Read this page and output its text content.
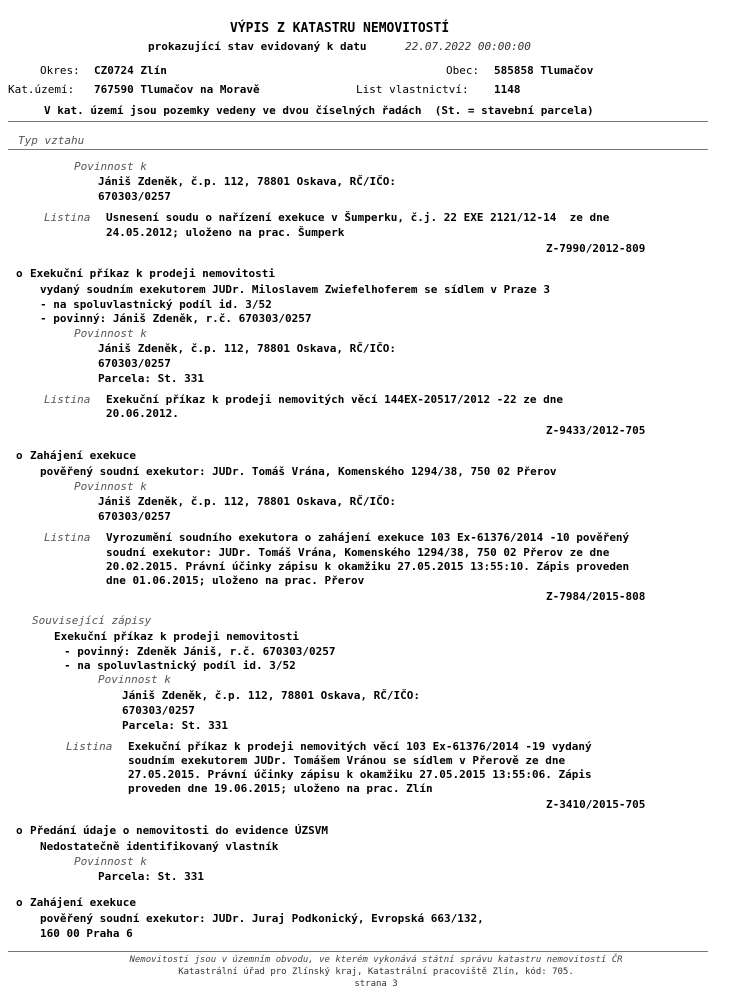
VÝPIS Z KATASTRU NEMOVITOSTÍ
prokazující stav evidovaný k datu	22.07.2022 00:00:00
Okres: CZ0724 Zlín	Obec: 585858 Tlumačov
Kat.území: 767590 Tlumačov na Moravě	List vlastnictví: 1148
V kat. území jsou pozemky vedeny ve dvou číselných řadách  (St. = stavební parcela)
Typ vztahu
Povinnost k
Jániš Zdeněk, č.p. 112, 78801 Oskava, RČ/IČO:
670303/0257
Listina Usnesení soudu o nařízení exekuce v Šumperku, č.j. 22 EXE 2121/12-14  ze dne
24.05.2012; uloženo na prac. Šumperk
Z-7990/2012-809
o Exekuční příkaz k prodeji nemovitosti
vydaný soudním exekutorem JUDr. Miloslavem Zwiefelhoferem se sídlem v Praze 3
- na spoluvlastnický podíl id. 3/52
- povinný: Jániš Zdeněk, r.č. 670303/0257
Povinnost k
Jániš Zdeněk, č.p. 112, 78801 Oskava, RČ/IČO:
670303/0257
Parcela: St. 331
Listina Exekuční příkaz k prodeji nemovitých věcí 144EX-20517/2012 -22 ze dne
20.06.2012.
Z-9433/2012-705
o Zahájení exekuce
pověřený soudní exekutor: JUDr. Tomáš Vrána, Komenského 1294/38, 750 02 Přerov
Povinnost k
Jániš Zdeněk, č.p. 112, 78801 Oskava, RČ/IČO:
670303/0257
Listina Vyrozumění soudního exekutora o zahájení exekuce 103 Ex-61376/2014 -10 pověřený
soudní exekutor: JUDr. Tomáš Vrána, Komenského 1294/38, 750 02 Přerov ze dne
20.02.2015. Právní účinky zápisu k okamžiku 27.05.2015 13:55:10. Zápis proveden
dne 01.06.2015; uloženo na prac. Přerov
Z-7984/2015-808
Související zápisy
Exekuční příkaz k prodeji nemovitosti
- povinný: Zdeněk Jániš, r.č. 670303/0257
- na spoluvlastnický podíl id. 3/52
Povinnost k
Jániš Zdeněk, č.p. 112, 78801 Oskava, RČ/IČO:
670303/0257
Parcela: St. 331
Listina Exekuční příkaz k prodeji nemovitých věcí 103 Ex-61376/2014 -19 vydaný
soudním exekutorem JUDr. Tomášem Vránou se sídlem v Přerově ze dne
27.05.2015. Právní účinky zápisu k okamžiku 27.05.2015 13:55:06. Zápis
proveden dne 19.06.2015; uloženo na prac. Zlín
Z-3410/2015-705
o Předání údaje o nemovitosti do evidence ÚZSVM
Nedostatečně identifikovaný vlastník
Povinnost k
Parcela: St. 331
o Zahájení exekuce
pověřený soudní exekutor: JUDr. Juraj Podkonický, Evropská 663/132,
160 00 Praha 6
Nemovitosti jsou v územním obvodu, ve kterém vykonává státní správu katastru nemovitostí ČR
Katastrální úřad pro Zlínský kraj, Katastrální pracoviště Zlín, kód: 705.
strana 3
